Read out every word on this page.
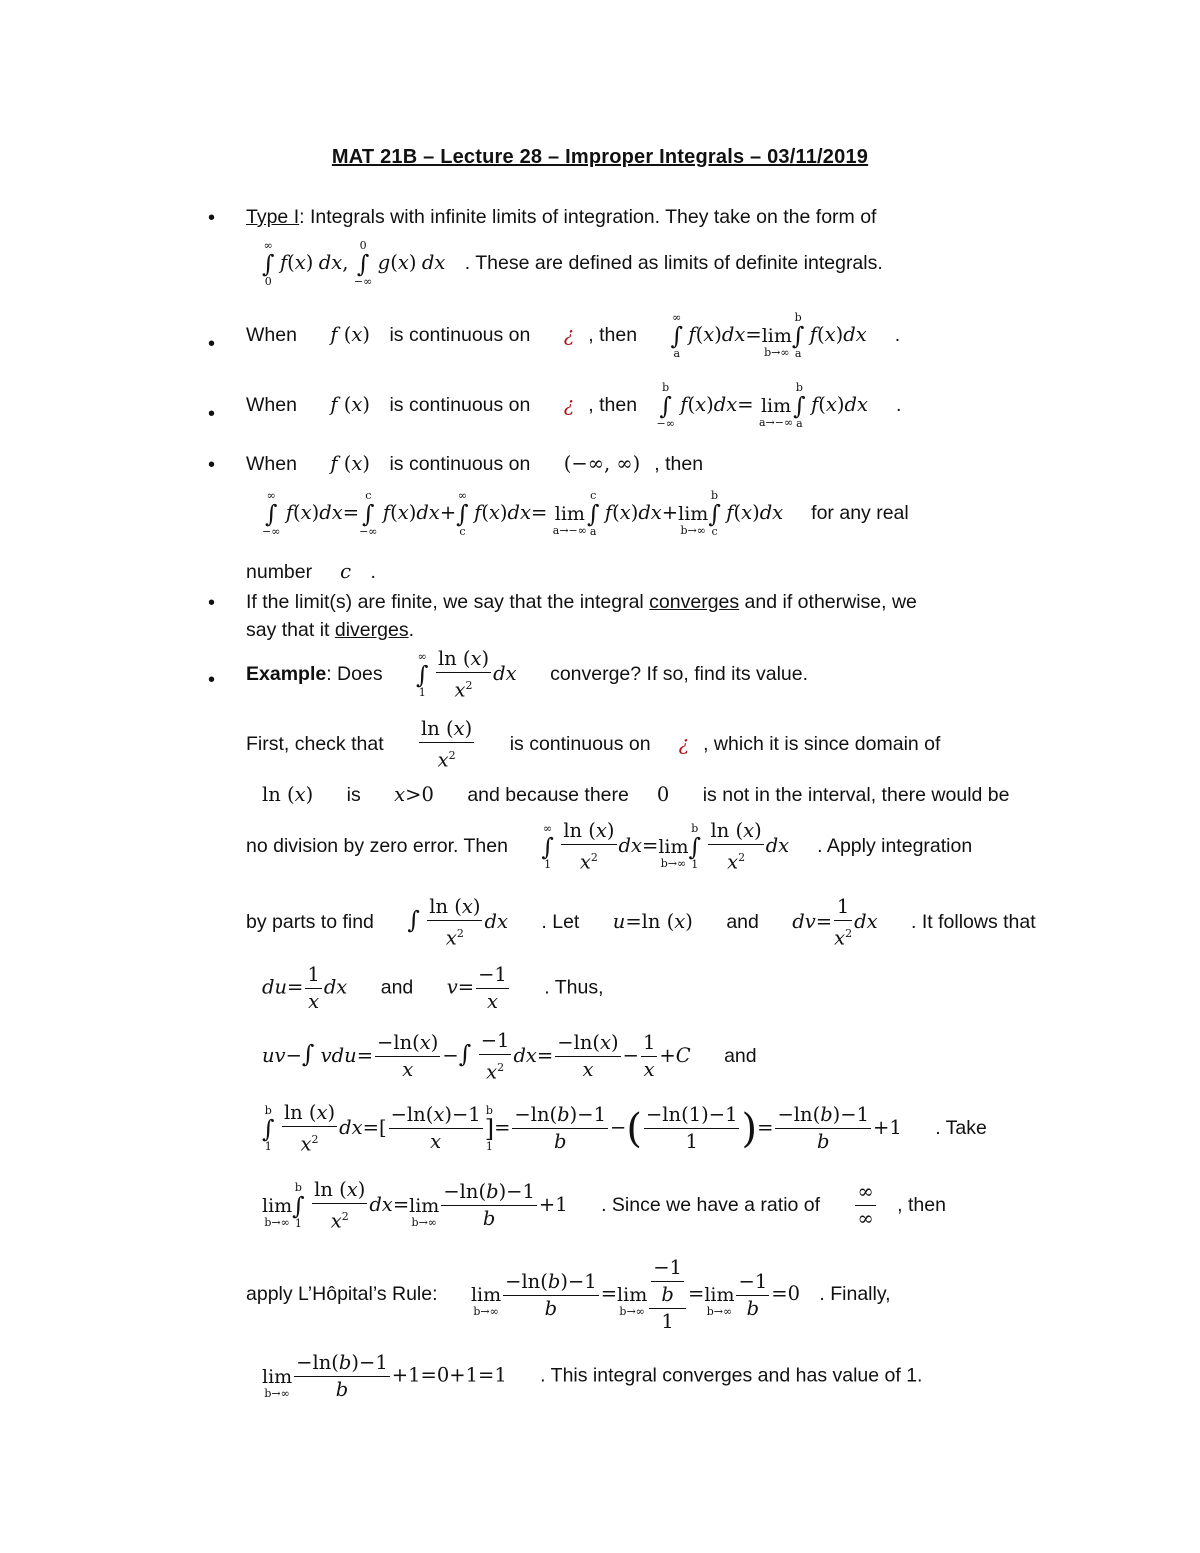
MAT 21B – Lecture 28 – Improper Integrals – 03/11/2019
• Type I: Integrals with infinite limits of integration. They take on the form of
∞
∫
0
f(x) dx,
0
∫
−∞
g(x) dx . These are defined as limits of definite integrals.
• When f (x) is continuous on ¿ , then
∞
∫
a
f(x)dx= lim
b→∞
b
∫
a
f(x)dx .
• When f (x) is continuous on ¿ , then
b
∫
−∞
f(x)dx= lim
a→−∞
b
∫
a
f(x)dx .
• When f (x) is continuous on (−∞, ∞) , then
∞
∫
−∞
f(x)dx=
c
∫
−∞
f(x)dx+
∞
∫
c
f(x)dx= lim
a→−∞
c
∫
a
f(x)dx+ lim
b→∞
b
∫
c
f(x)dx for any real
number c .
• If the limit(s) are finite, we say that the integral converges and if otherwise, we
say that it diverges.
• Example: Does
∞
∫
1
$\frac{\ln (x)}{x^2}$ dx converge? If so, find its value.
First, check that $\frac{\ln (x)}{x^2}$ is continuous on ¿ , which it is since domain of
ln (x) is x>0 and because there 0 is not in the interval, there would be
no division by zero error. Then
∞
∫
1
$\frac{\ln (x)}{x^2} dx= \lim$
b→∞
b
∫
1
$\frac{\ln (x)}{x^2}$ dx . Apply integration
by parts to find ∫ $\frac{\ln (x)}{x^2}$ dx . Let u=ln (x) and $dv= \frac{1}{x^2}$ dx . It follows that
$du= \frac{1}{x}$ dx and $v= \frac{-1}{x}$ . Thus,
uv−∫ $vdu= \frac{-\ln(x)}{x}$ −∫ $\frac{-1}{x^2} dx= \frac{-\ln(x)}{x} - \frac{1}{x} +C$ and
b
∫
1
$\frac{\ln (x)}{x^2} dx=[ \frac{-\ln(x)-1}{x}$ b
]
1
= $\frac{-\ln(b)-1}{b}$ −( $\frac{-\ln(1)-1}{1}$ )= $\frac{-\ln(b)-1}{b} +1$ . Take
lim
b→∞
b
∫
1
$\frac{\ln (x)}{x^2} dx= \lim$
$b\to\infty \frac{-\ln(b)-1}{b} +1$ . Since we have a ratio of $\frac{\infty}{\infty}$ , then
apply L’Hôpital’s Rule: lim
$b\to\infty \frac{-\ln(b)-1}{b} = \lim$
$b\to\infty \frac{\frac{-1}{b}}{1} = \lim$
$b\to\infty \frac{-1}{b} =0$ . Finally,
lim
$b\to\infty \frac{-\ln(b)-1}{b} +1=0+1=1$ . This integral converges and has value of 1.
